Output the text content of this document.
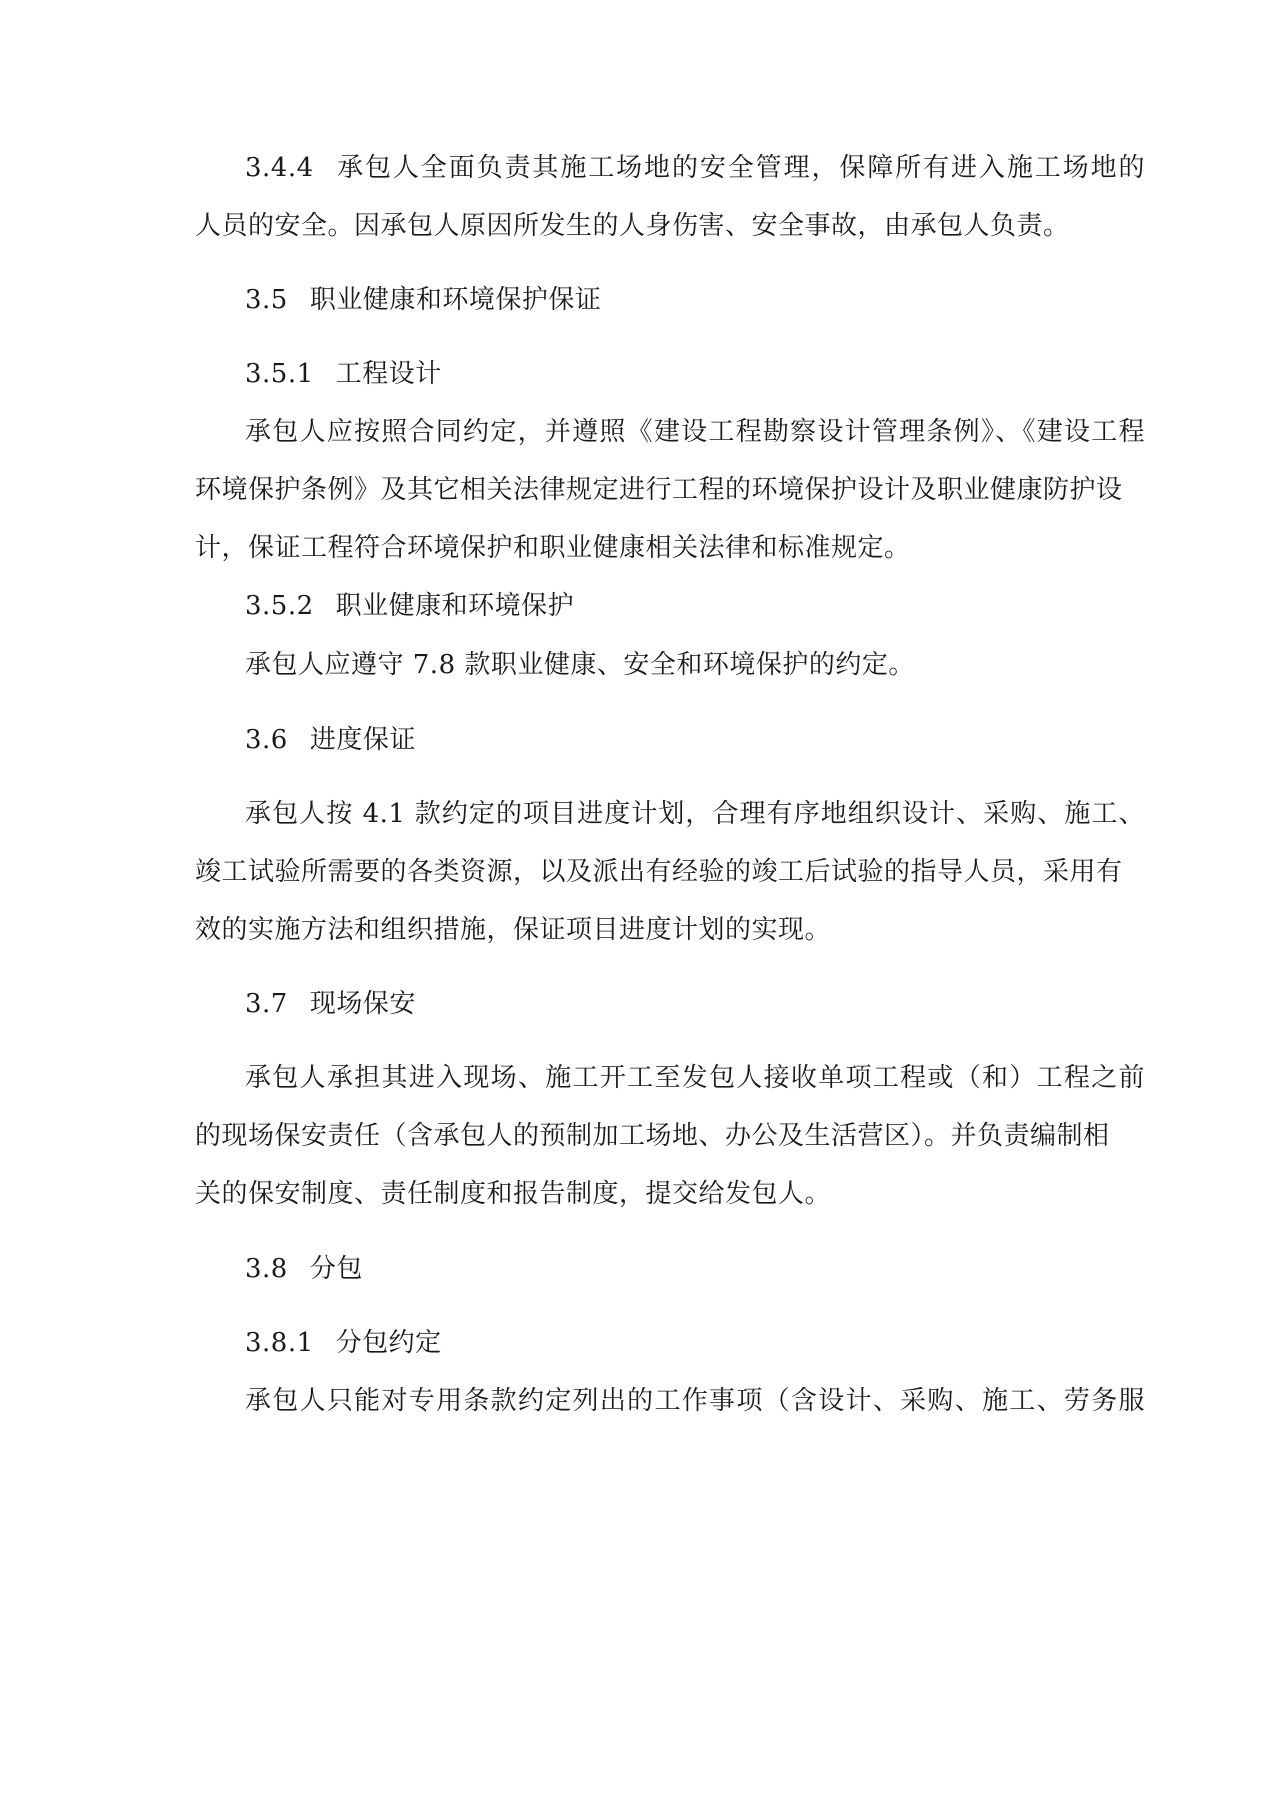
3.4.4 承包人全面负责其施工场地的安全管理，保障所有进入施工场地的
人员的安全。因承包人原因所发生的人身伤害、安全事故，由承包人负责。
3.5 职业健康和环境保护保证
3.5.1 工程设计
承包人应按照合同约定，并遵照《建设工程勘察设计管理条例》、《建设工程
环境保护条例》及其它相关法律规定进行工程的环境保护设计及职业健康防护设
计，保证工程符合环境保护和职业健康相关法律和标准规定。
3.5.2 职业健康和环境保护
承包人应遵守 7.8 款职业健康、安全和环境保护的约定。
3.6 进度保证
承包人按 4.1 款约定的项目进度计划，合理有序地组织设计、采购、施工、
竣工试验所需要的各类资源，以及派出有经验的竣工后试验的指导人员，采用有
效的实施方法和组织措施，保证项目进度计划的实现。
3.7 现场保安
承包人承担其进入现场、施工开工至发包人接收单项工程或（和）工程之前
的现场保安责任（含承包人的预制加工场地、办公及生活营区）。并负责编制相
关的保安制度、责任制度和报告制度，提交给发包人。
3.8 分包
3.8.1 分包约定
承包人只能对专用条款约定列出的工作事项（含设计、采购、施工、劳务服
